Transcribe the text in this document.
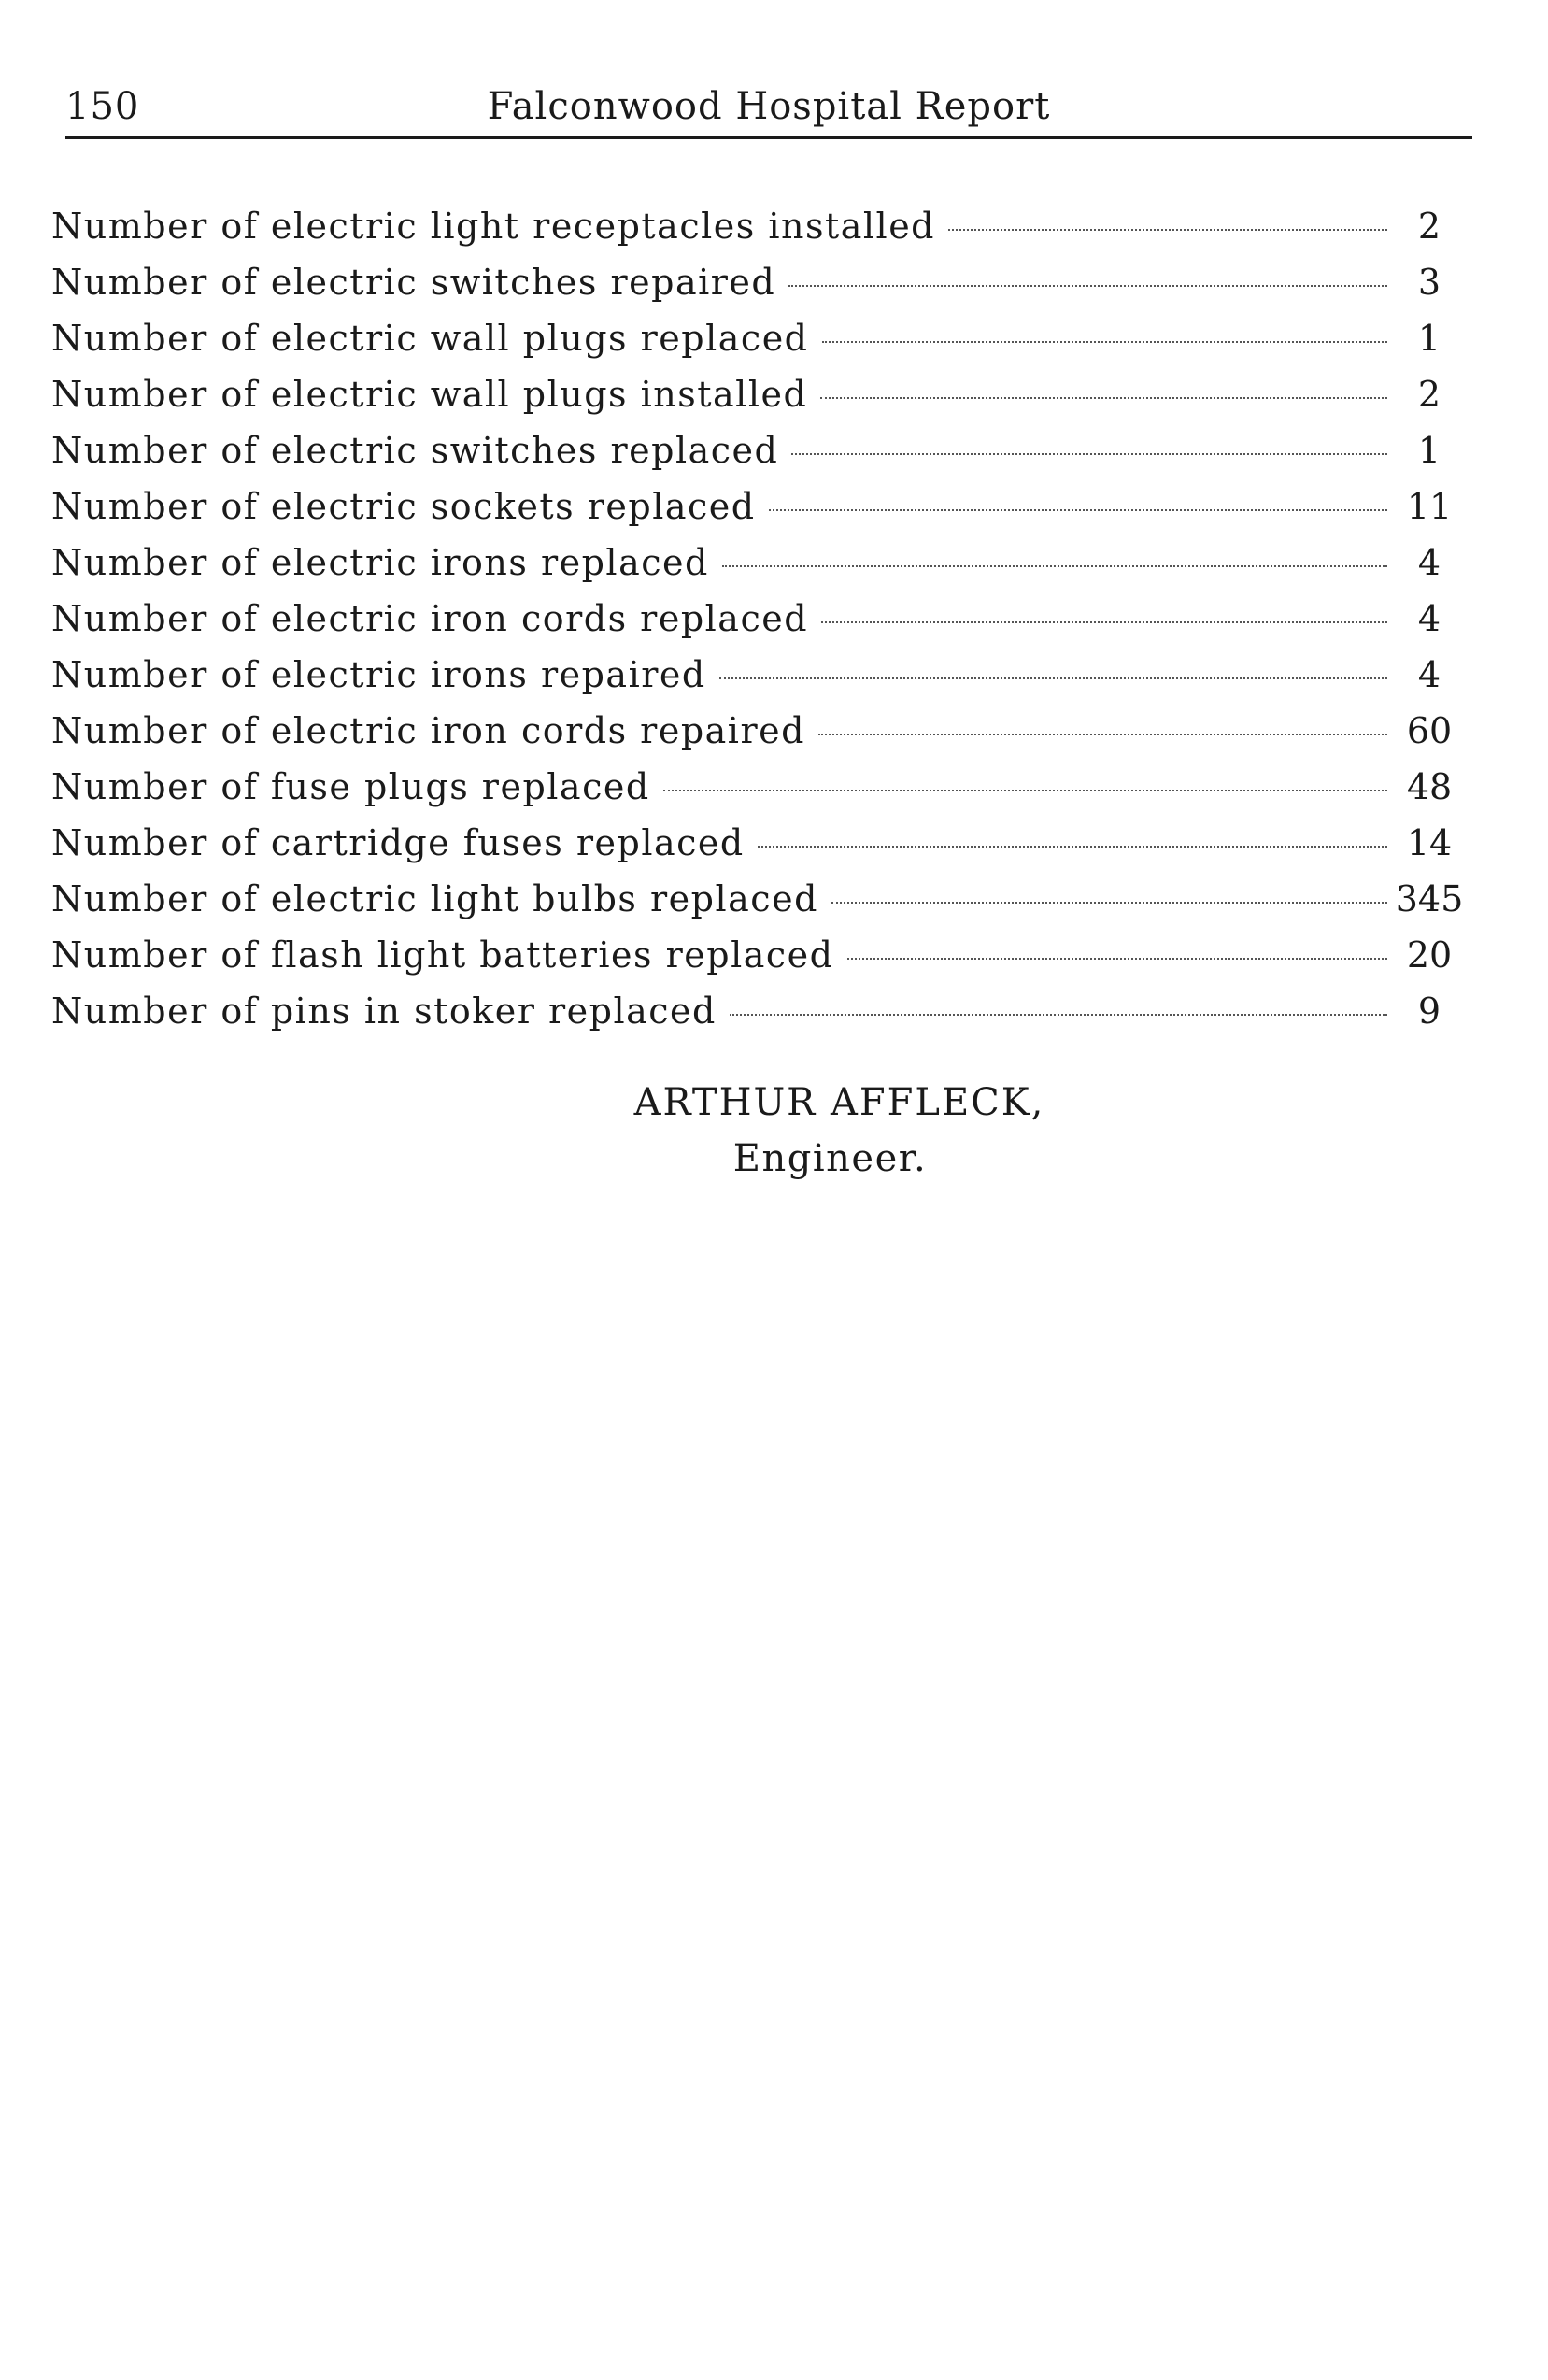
150	Falconwood Hospital Report
Number of electric light receptacles installed	2
Number of electric switches repaired	3
Number of electric wall plugs replaced	1
Number of electric wall plugs installed	2
Number of electric switches replaced	1
Number of electric sockets replaced	11
Number of electric irons replaced	4
Number of electric iron cords replaced	4
Number of electric irons repaired	4
Number of electric iron cords repaired	60
Number of fuse plugs replaced	48
Number of cartridge fuses replaced	14
Number of electric light bulbs replaced	345
Number of flash light batteries replaced	20
Number of pins in stoker replaced	9
ARTHUR AFFLECK,
Engineer.
